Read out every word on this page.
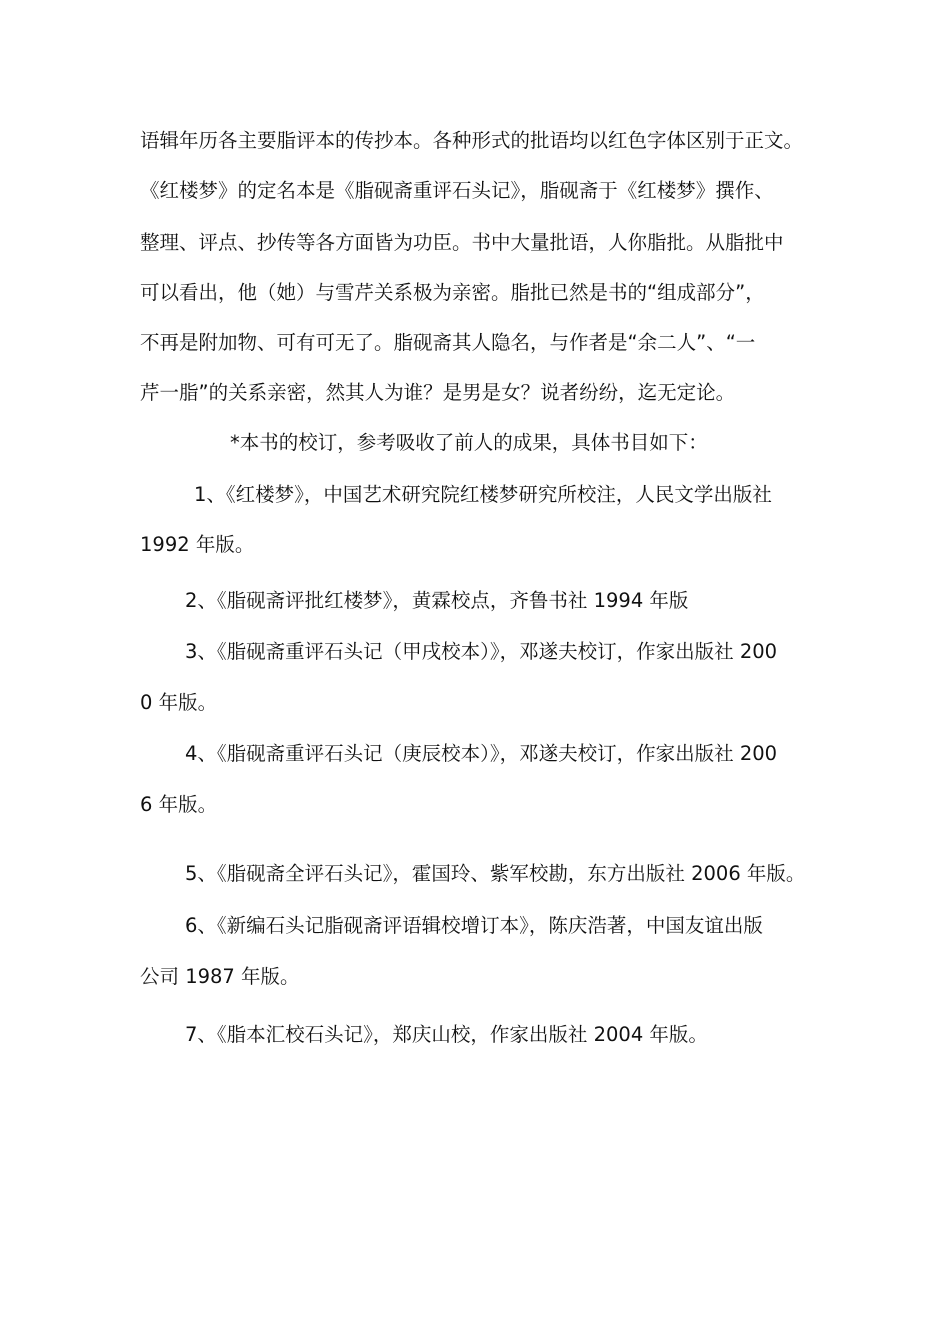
语辑年历各主要脂评本的传抄本。各种形式的批语均以红色字体区别于正文。

《红楼梦》的定名本是《脂砚斋重评石头记》，脂砚斋于《红楼梦》撰作、

整理、评点、抄传等各方面皆为功臣。书中大量批语，人你脂批。从脂批中

可以看出，他（她）与雪芹关系极为亲密。脂批已然是书的“组成部分”，

不再是附加物、可有可无了。脂砚斋其人隐名，与作者是“余二人”、“一

芹一脂”的关系亲密，然其人为谁？是男是女？说者纷纷，迄无定论。

*本书的校订，参考吸收了前人的成果，具体书目如下：

1、《红楼梦》，中国艺术研究院红楼梦研究所校注，人民文学出版社

1992 年版。

2、《脂砚斋评批红楼梦》，黄霖校点，齐鲁书社 1994 年版

3、《脂砚斋重评石头记（甲戌校本）》，邓遂夫校订，作家出版社 200

0 年版。

4、《脂砚斋重评石头记（庚辰校本）》，邓遂夫校订，作家出版社 200

6 年版。

5、《脂砚斋全评石头记》，霍国玲、紫军校勘，东方出版社 2006 年版。

6、《新编石头记脂砚斋评语辑校增订本》，陈庆浩著，中国友谊出版

公司 1987 年版。

7、《脂本汇校石头记》，郑庆山校，作家出版社 2004 年版。
